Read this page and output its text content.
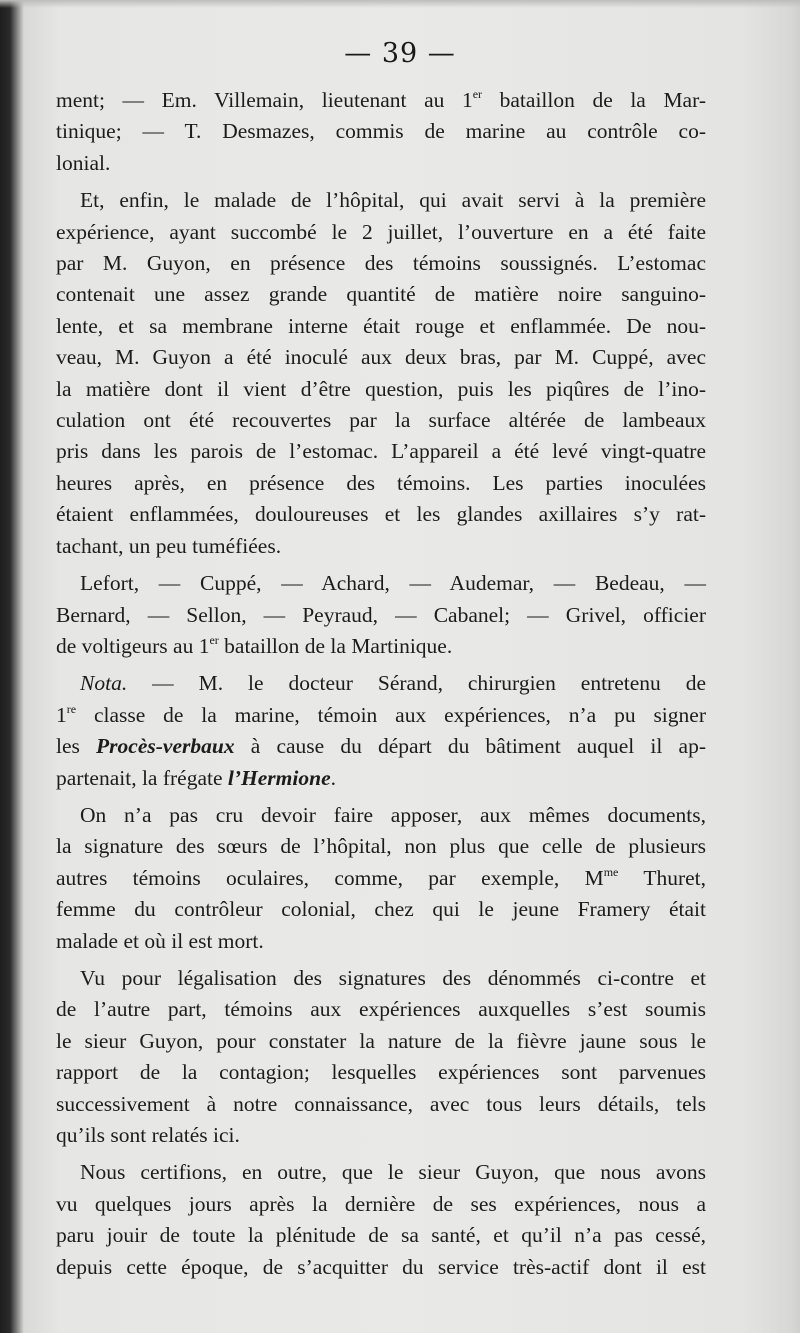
— 39 —
ment; — Em. Villemain, lieutenant au 1er bataillon de la Mar-
tinique; — T. Desmazes, commis de marine au contrôle co-
lonial.
Et, enfin, le malade de l’hôpital, qui avait servi à la première
expérience, ayant succombé le 2 juillet, l’ouverture en a été faite
par M. Guyon, en présence des témoins soussignés. L’estomac
contenait une assez grande quantité de matière noire sanguino-
lente, et sa membrane interne était rouge et enflammée. De nou-
veau, M. Guyon a été inoculé aux deux bras, par M. Cuppé, avec
la matière dont il vient d’être question, puis les piqûres de l’ino-
culation ont été recouvertes par la surface altérée de lambeaux
pris dans les parois de l’estomac. L’appareil a été levé vingt-quatre
heures après, en présence des témoins. Les parties inoculées
étaient enflammées, douloureuses et les glandes axillaires s’y rat-
tachant, un peu tuméfiées.
Lefort, — Cuppé, — Achard, — Audemar, — Bedeau, —
Bernard, — Sellon, — Peyraud, — Cabanel; — Grivel, officier
de voltigeurs au 1er bataillon de la Martinique.
Nota. — M. le docteur Sérand, chirurgien entretenu de
1re classe de la marine, témoin aux expériences, n’a pu signer
les Procès-verbaux à cause du départ du bâtiment auquel il ap-
partenait, la frégate l’Hermione.
On n’a pas cru devoir faire apposer, aux mêmes documents,
la signature des sœurs de l’hôpital, non plus que celle de plusieurs
autres témoins oculaires, comme, par exemple, $M^{me}$ Thuret,
femme du contrôleur colonial, chez qui le jeune Framery était
malade et où il est mort.
Vu pour légalisation des signatures des dénommés ci-contre et
de l’autre part, témoins aux expériences auxquelles s’est soumis
le sieur Guyon, pour constater la nature de la fièvre jaune sous le
rapport de la contagion; lesquelles expériences sont parvenues
successivement à notre connaissance, avec tous leurs détails, tels
qu’ils sont relatés ici.
Nous certifions, en outre, que le sieur Guyon, que nous avons
vu quelques jours après la dernière de ses expériences, nous a
paru jouir de toute la plénitude de sa santé, et qu’il n’a pas cessé,
depuis cette époque, de s’acquitter du service très-actif dont il est
